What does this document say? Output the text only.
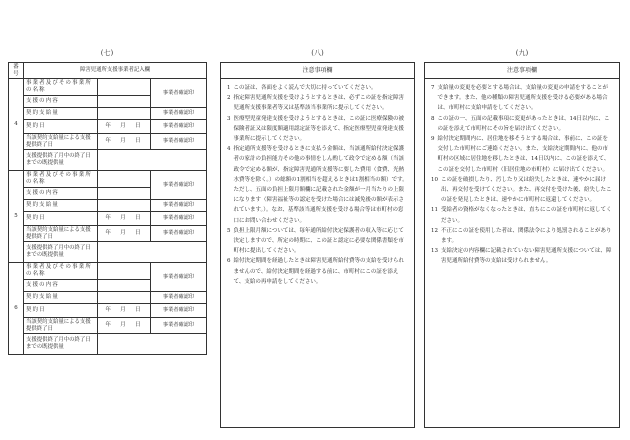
(七)	(八)	(九)
番号	障害児通所支援事業者記入欄		
4	事業者及びその事業所の名称		事業者確認印
	支援の内容		
	契約支給量		事業者確認印
	契約日	年　月　日	事業者確認印
	当該契約支給量による支援提供終了日	年　月　日	事業者確認印
	支援提供終了月中の終了日までの既提供量		
5	事業者及びその事業所の名称		事業者確認印
	支援の内容		
	契約支給量		事業者確認印
	契約日	年　月　日	事業者確認印
	当該契約支給量による支援提供終了日	年　月　日	事業者確認印
	支援提供終了月中の終了日までの既提供量		
6	事業者及びその事業所の名称		事業者確認印
	支援の内容		
	契約支給量		事業者確認印
	契約日	年　月　日	事業者確認印
	当該契約支給量による支援提供終了日	年　月　日	事業者確認印
	支援提供終了月中の終了日までの既提供量		
注意事項欄
1 この証は、各面をよく読んで大切に持っていてください。
2 指定障害児通所支援を受けようとするときは、必ずこの証を指定障害児通所支援事業者等又は基準該当事業所に提示してください。
3 医療型児童発達支援を受けようとするときは、この証に医療保険の被保険者証又は限度額適用認定証等を添えて、指定医療型児童発達支援事業所に提示してください。
4 指定通所支援等を受けるときに支払う金額は、当該通所給付決定保護者の家計の負担能力その他の事情をしん酌して政令で定める額（当該政令で定める額が、指定障害児通所支援等に要した費用（食費、光熱水費等を除く。）の総額の1割相当を超えるときは1割相当の額）です。ただし、五面の負担上限月額欄に記載された金額が一月当たりの上限になります（障害福祉等の認定を受けた場合には減免後の額が表示されています。）。なお、基準該当通所支援を受ける場合等は市町村の窓口にお問い合わせください。
5 負担上限月額については、毎年通所給付決定保護者の収入等に応じて決定しますので、所定の時期に、この証と認定に必要な関係書類を市町村に提出してください。
6 給付決定期間を経過したときは障害児通所給付費等の支給を受けられませんので、給付決定期間を経過する前に、市町村にこの証を添えて、支給の再申請をしてください。
注意事項欄
7 支給量の変更を必要とする場合は、支給量の変更の申請をすることができます。また、他の種類の障害児通所支援を受ける必要がある場合は、市町村に支給申請をしてください。
8 この証の一、五面の記載事項に変更があったときは、14日以内に、この証を添えて市町村にその旨を届け出てください。
9 給付決定期間内に、居住地を移そうとする場合は、事前に、この証を交付した市町村にご連絡ください。また、支給決定期間内に、他の市町村の区域に居住地を移したときは、14日以内に、この証を添えて、この証を交付した市町村（旧居住地の市町村）に届け出てください。
10 この証を破損したり、汚したり又は紛失したときは、速やかに届け出、再交付を受けてください。また、再交付を受けた後、紛失したこの証を発見したときは、速やかに市町村に返還してください。
11 受給者の資格がなくなったときは、直ちにこの証を市町村に返してください。
12 不正にこの証を使用した者は、関係法令により処罰されることがあります。
13 支給決定の内容欄に記載されていない障害児通所支援については、障害児通所給付費等の支給は受けられません。
